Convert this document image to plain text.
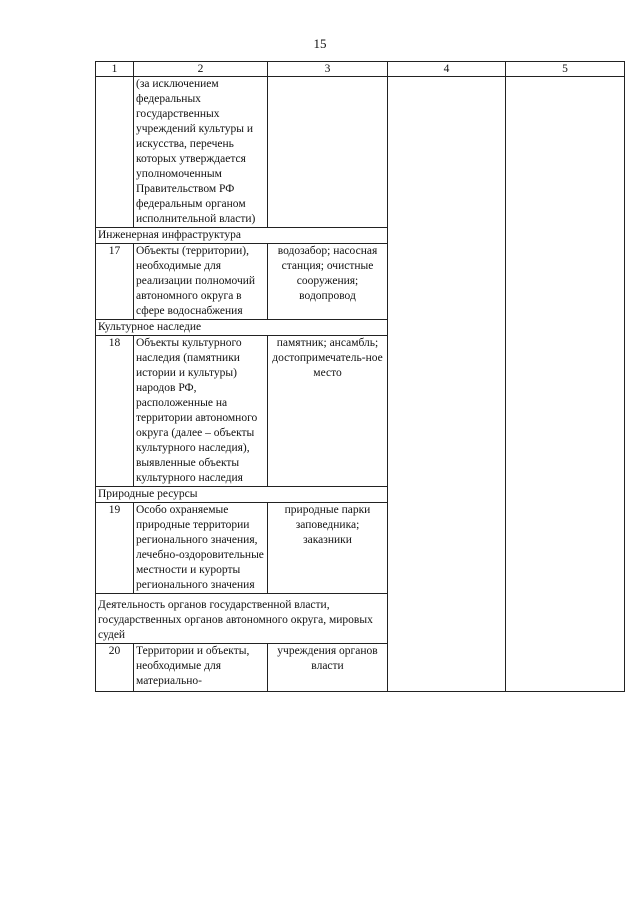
15
1	2	3	4	5
	(за исключением федеральных государственных учреждений культуры и искусства, перечень которых утверждается уполномоченным Правительством РФ федеральным органом исполнительной власти)			
Инженерная инфраструктура				
17	Объекты (территории), необходимые для реализации полномочий автономного округа в сфере водоснабжения	водозабор; насосная станция; очистные сооружения; водопровод		
Культурное наследие				
18	Объекты культурного наследия (памятники истории и культуры) народов РФ, расположенные на территории автономного округа (далее – объекты культурного наследия), выявленные объекты культурного наследия	памятник; ансамбль; достопримечатель-ное место		
Природные ресурсы				
19	Особо охраняемые природные территории регионального значения, лечебно-оздоровительные местности и курорты регионального значения	природные парки заповедника; заказники		
Деятельность органов государственной власти, государственных органов автономного округа, мировых судей				
20	Территории и объекты, необходимые для материально-	учреждения органов власти		
